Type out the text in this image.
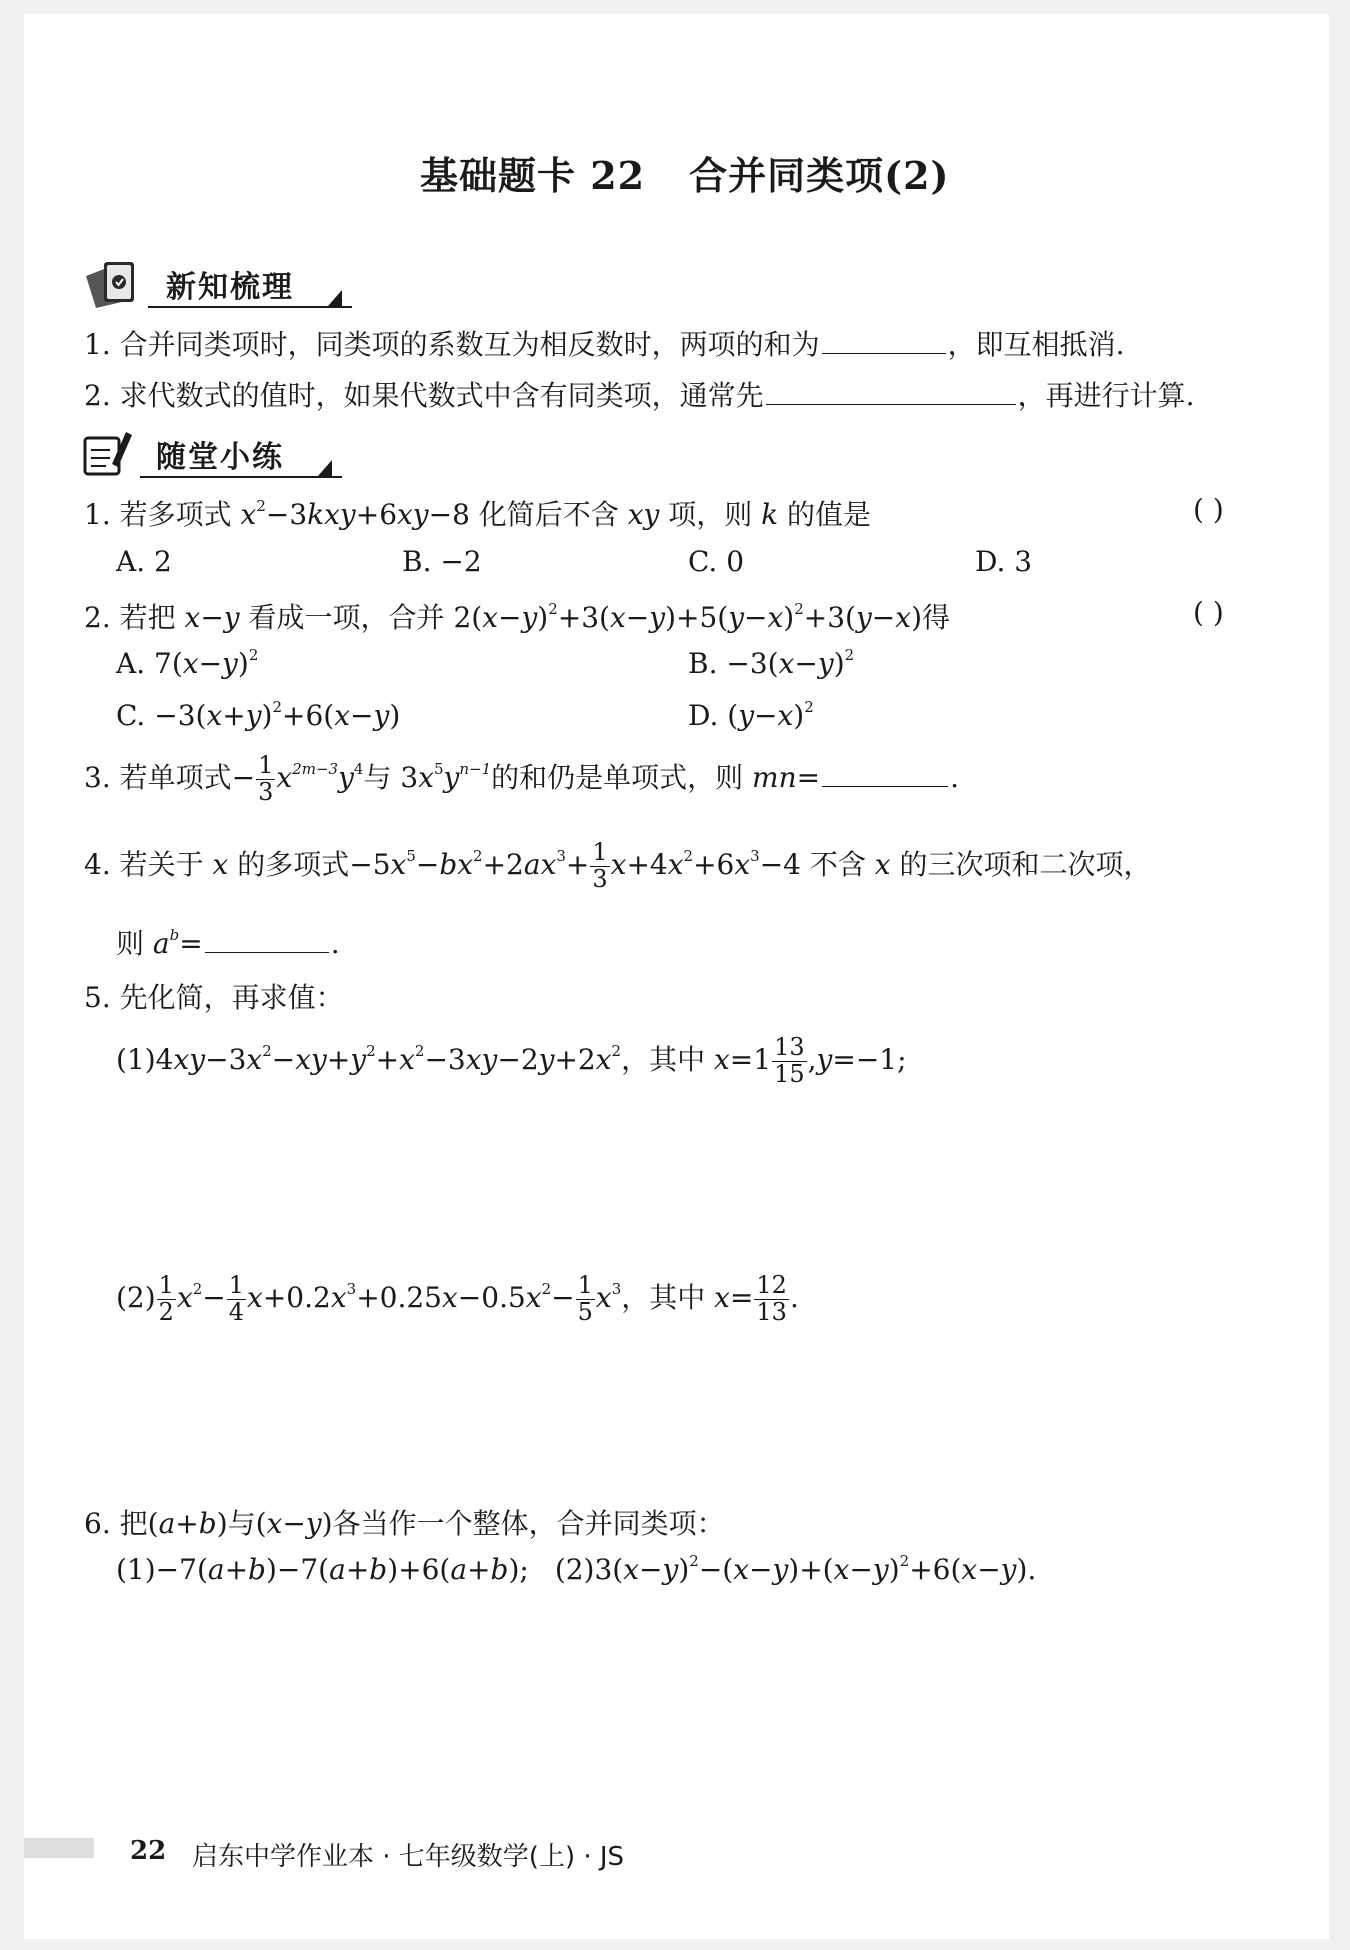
基础题卡 22 合并同类项(2)
新知梳理
1. 合并同类项时，同类项的系数互为相反数时，两项的和为	，即互相抵消.
2. 求代数式的值时，如果代数式中含有同类项，通常先	，再进行计算.
随堂小练
1. 若多项式 $x^2-3kxy+6xy-8$ 化简后不含 xy 项，则 k 的值是	( )
A. 2	B. −2	C. 0	D. 3
2. 若把 x−y 看成一项，合并 $2(x-y)^2+3(x-y)+5(y-x)^2+3(y-x)$得	( )
A. $7(x-y)^2$	B. $-3(x-y)^2$
C. $-3(x+y)^2+6(x-y)$	D. $(y-x)^2$
3. 若单项式− $\frac{1}{3} x^{2m-3}y^4$与 $3x^5y^{n-1}$的和仍是单项式，则 mn=	.
4. 若关于 x 的多项式$-5x^5-bx^2+2ax^3+ \frac{1}{3} x+4x^2+6x^3-4$ 不含 x 的三次项和二次项，
则 $a^b=$	.
5. 先化简，再求值：
$(1)4xy-3x^2-xy+y^2+x^2-3xy-2y+2x^2$，其中 $x=1 \frac{13}{15} ,y=-1$;
$(2) \frac{1}{2} x^2- \frac{1}{4} x+0.2x^3+0.25x-0.5x^2- \frac{1}{5} x^3$，其中 $x= \frac{12}{13}$ .
6. 把(a+b)与(x−y)各当作一个整体，合并同类项：
(1)−7(a+b)−7(a+b)+6(a+b); $(2)3(x-y)^2-(x-y)+(x-y)^2+6(x-y)$.
22 启东中学作业本 · 七年级数学(上) · JS
